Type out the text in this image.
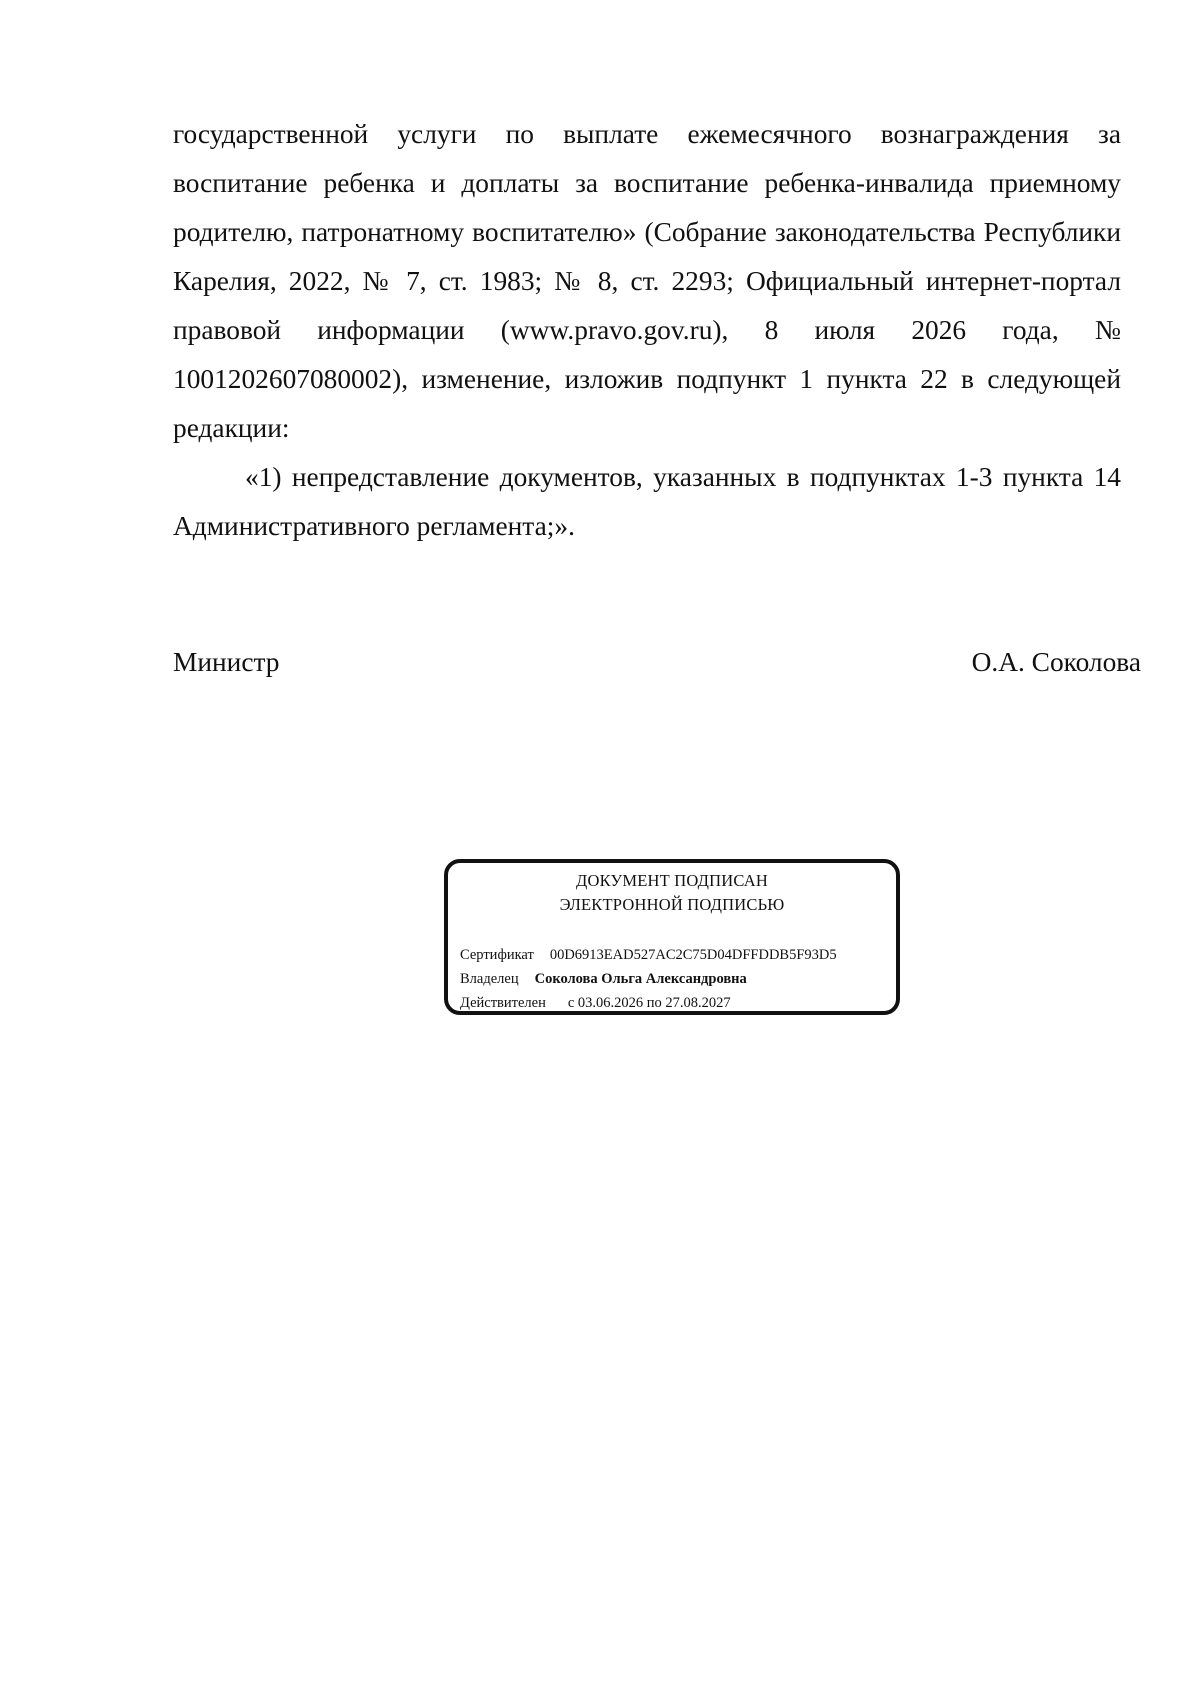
государственной услуги по выплате ежемесячного вознаграждения за воспитание ребенка и доплаты за воспитание ребенка-инвалида приемному родителю, патронатному воспитателю» (Собрание законодательства Республики Карелия, 2022, № 7, ст. 1983; № 8, ст. 2293; Официальный интернет-портал правовой информации (www.pravo.gov.ru), 8 июля 2026 года, № 1001202607080002), изменение, изложив подпункт 1 пункта 22 в следующей редакции:

«1) непредставление документов, указанных в подпунктах 1-3 пункта 14 Административного регламента;».

Министр	О.А. Соколова
ДОКУМЕНТ ПОДПИСАН
ЭЛЕКТРОННОЙ ПОДПИСЬЮ
Сертификат 00D6913EAD527AC2C75D04DFFDDB5F93D5
Владелец Соколова Ольга Александровна
Действителен с 03.06.2026 по 27.08.2027
